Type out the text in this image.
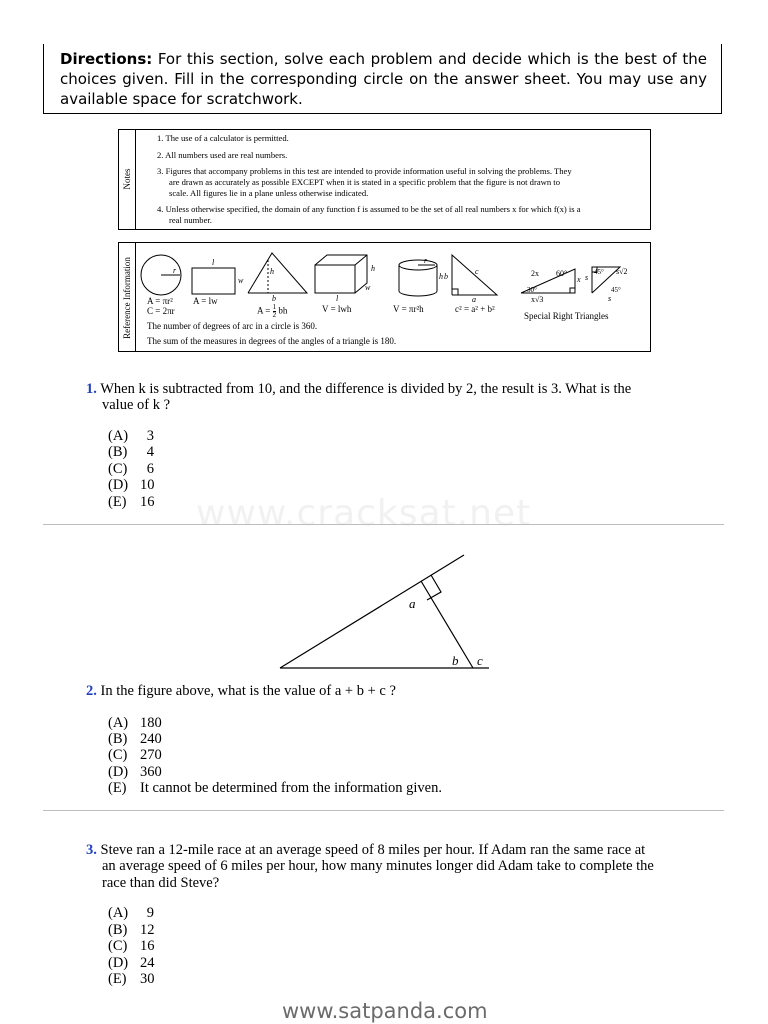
Directions: For this section, solve each problem and decide which is the best of the choices given. Fill in the corresponding circle on the answer sheet. You may use any available space for scratchwork.
Notes
1. The use of a calculator is permitted.
2. All numbers used are real numbers.
3. Figures that accompany problems in this test are intended to provide information useful in solving the problems. They
are drawn as accurately as possible EXCEPT when it is stated in a specific problem that the figure is not drawn to
scale. All figures lie in a plane unless otherwise indicated.
4. Unless otherwise specified, the domain of any function f is assumed to be the set of all real numbers x for which f(x) is a
real number.
Reference Information	r
A = πr²
C = 2πr
l
w
A = lw
h
b
$A = \frac{1}{2}$ bh
h
w
l
V = lwh
r
h
V = πr²h
b
c
a
c² = a² + b²
2x 60°
30°
x
x√3
s
45° s√2
45°
s
Special Right Triangles
The number of degrees of arc in a circle is 360.
The sum of the measures in degrees of the angles of a triangle is 180.
1. When k is subtracted from 10, and the difference is divided by 2, the result is 3. What is the
value of k ?
(A) 3
(B) 4
(C) 6
(D) 10
(E) 16 www.cracksat.net
a
b c
2. In the figure above, what is the value of a + b + c ?
(A) 180
(B) 240
(C) 270
(D) 360
(E) It cannot be determined from the information given.
3. Steve ran a 12-mile race at an average speed of 8 miles per hour. If Adam ran the same race at
an average speed of 6 miles per hour, how many minutes longer did Adam take to complete the
race than did Steve?
(A) 9
(B) 12
(C) 16
(D) 24
(E) 30
www.satpanda.com
